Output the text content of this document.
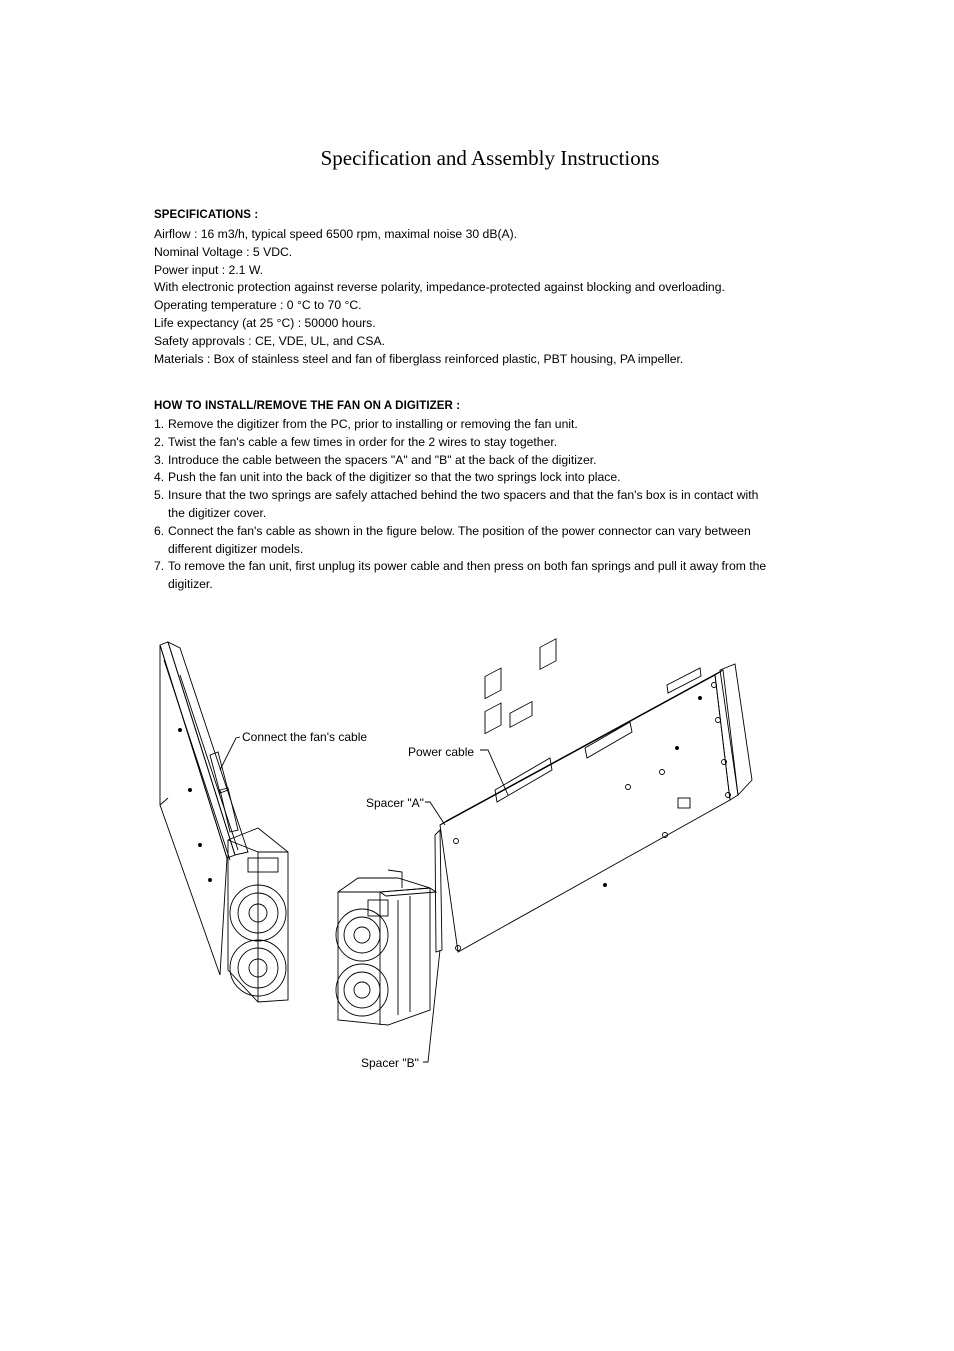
Specification and Assembly Instructions
SPECIFICATIONS :
Airflow : 16 m3/h, typical speed 6500 rpm, maximal noise 30 dB(A).
Nominal Voltage : 5 VDC.
Power input : 2.1 W.
With electronic protection against reverse polarity, impedance-protected against blocking and overloading.
Operating temperature : 0 °C to 70 °C.
Life expectancy (at 25 °C) : 50000 hours.
Safety approvals : CE, VDE, UL, and CSA.
Materials : Box of stainless steel and fan of fiberglass reinforced plastic, PBT housing, PA impeller.
HOW TO INSTALL/REMOVE THE FAN ON A DIGITIZER :
1. Remove the digitizer from the PC, prior to installing or removing the fan unit.
2. Twist the fan's cable a few times in order for the 2 wires to stay together.
3. Introduce the cable between the spacers "A" and "B" at the back of the digitizer.
4. Push the fan unit into the back of the digitizer so that the two springs lock into place.
5. Insure that the two springs are safely attached behind the two spacers and that the fan's box is in contact with the digitizer cover.
6. Connect the fan's cable as shown in the figure below. The position of the power connector can vary between different digitizer models.
7. To remove the fan unit, first unplug its power cable and then press on both fan springs and pull it away from the digitizer.
Connect the fan's cable
Power cable
Spacer "A"
Spacer "B"
